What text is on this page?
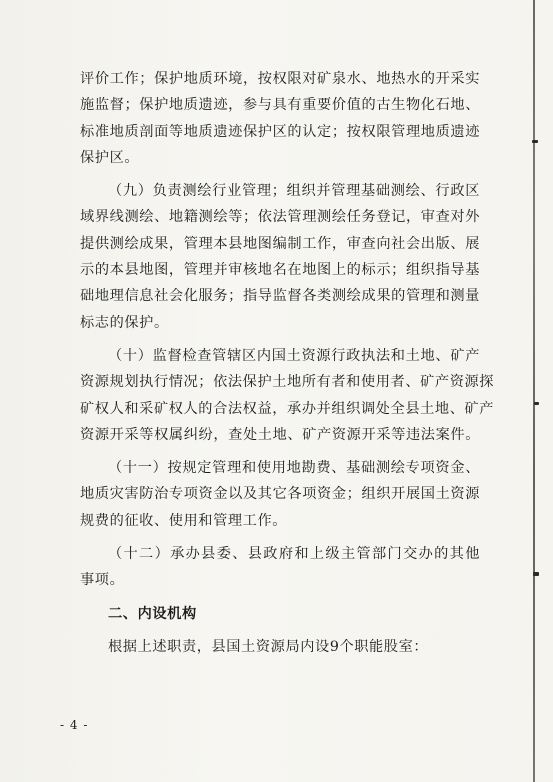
评价工作；保护地质环境，按权限对矿泉水、地热水的开采实
施监督；保护地质遗迹，参与具有重要价值的古生物化石地、
标准地质剖面等地质遗迹保护区的认定；按权限管理地质遗迹
保护区。
（九）负责测绘行业管理；组织并管理基础测绘、行政区
域界线测绘、地籍测绘等；依法管理测绘任务登记，审查对外
提供测绘成果，管理本县地图编制工作，审查向社会出版、展
示的本县地图，管理并审核地名在地图上的标示；组织指导基
础地理信息社会化服务；指导监督各类测绘成果的管理和测量
标志的保护。
（十）监督检查管辖区内国土资源行政执法和土地、矿产
资源规划执行情况；依法保护土地所有者和使用者、矿产资源探
矿权人和采矿权人的合法权益，承办并组织调处全县土地、矿产
资源开采等权属纠纷，查处土地、矿产资源开采等违法案件。
（十一）按规定管理和使用地勘费、基础测绘专项资金、
地质灾害防治专项资金以及其它各项资金；组织开展国土资源
规费的征收、使用和管理工作。
（十二）承办县委、县政府和上级主管部门交办的其他
事项。
二、内设机构
根据上述职责，县国土资源局内设9个职能股室：
- 4 -
